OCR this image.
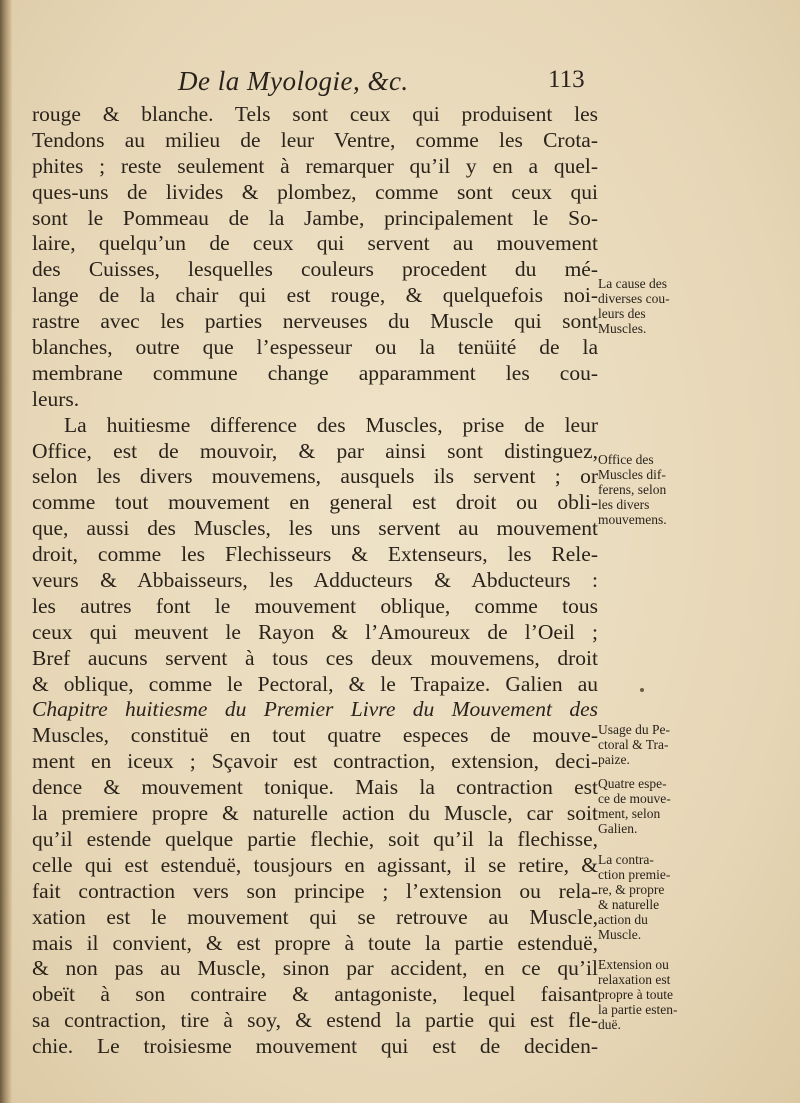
De la Myologie, &c.	113
rouge & blanche. Tels sont ceux qui produisent les
Tendons au milieu de leur Ventre, comme les Crota-
phites ; reste seulement à remarquer qu’il y en a quel-
ques-uns de livides & plombez, comme sont ceux qui
sont le Pommeau de la Jambe, principalement le So-
laire, quelqu’un de ceux qui servent au mouvement
des Cuisses, lesquelles couleurs procedent du mé-
lange de la chair qui est rouge, & quelquefois noi-
rastre avec les parties nerveuses du Muscle qui sont
blanches, outre que l’espesseur ou la tenüité de la
membrane commune change apparamment les cou-
leurs.
La huitiesme difference des Muscles, prise de leur
Office, est de mouvoir, & par ainsi sont distinguez,
selon les divers mouvemens, ausquels ils servent ; or
comme tout mouvement en general est droit ou obli-
que, aussi des Muscles, les uns servent au mouvement
droit, comme les Flechisseurs & Extenseurs, les Rele-
veurs & Abbaisseurs, les Adducteurs & Abducteurs :
les autres font le mouvement oblique, comme tous
ceux qui meuvent le Rayon & l’Amoureux de l’Oeil ;
Bref aucuns servent à tous ces deux mouvemens, droit
& oblique, comme le Pectoral, & le Trapaize. Galien au
Chapitre huitiesme du Premier Livre du Mouvement des
Muscles, constituë en tout quatre especes de mouve-
ment en iceux ; Sçavoir est contraction, extension, deci-
dence & mouvement tonique. Mais la contraction est
la premiere propre & naturelle action du Muscle, car soit
qu’il estende quelque partie flechie, soit qu’il la flechisse,
celle qui est estenduë, tousjours en agissant, il se retire, &
fait contraction vers son principe ; l’extension ou rela-
xation est le mouvement qui se retrouve au Muscle,
mais il convient, & est propre à toute la partie estenduë,
& non pas au Muscle, sinon par accident, en ce qu’il
obeït à son contraire & antagoniste, lequel faisant
sa contraction, tire à soy, & estend la partie qui est fle-
chie. Le troisiesme mouvement qui est de deciden-
La cause des
diverses cou-
leurs des
Muscles.
Office des
Muscles dif-
ferens, selon
les divers
mouvemens.
Usage du Pe-
ctoral & Tra-
paize.
Quatre espe-
ce de mouve-
ment, selon
Galien.
La contra-
ction premie-
re, & propre
& naturelle
action du
Muscle.
Extension ou
relaxation est
propre à toute
la partie esten-
duë.
